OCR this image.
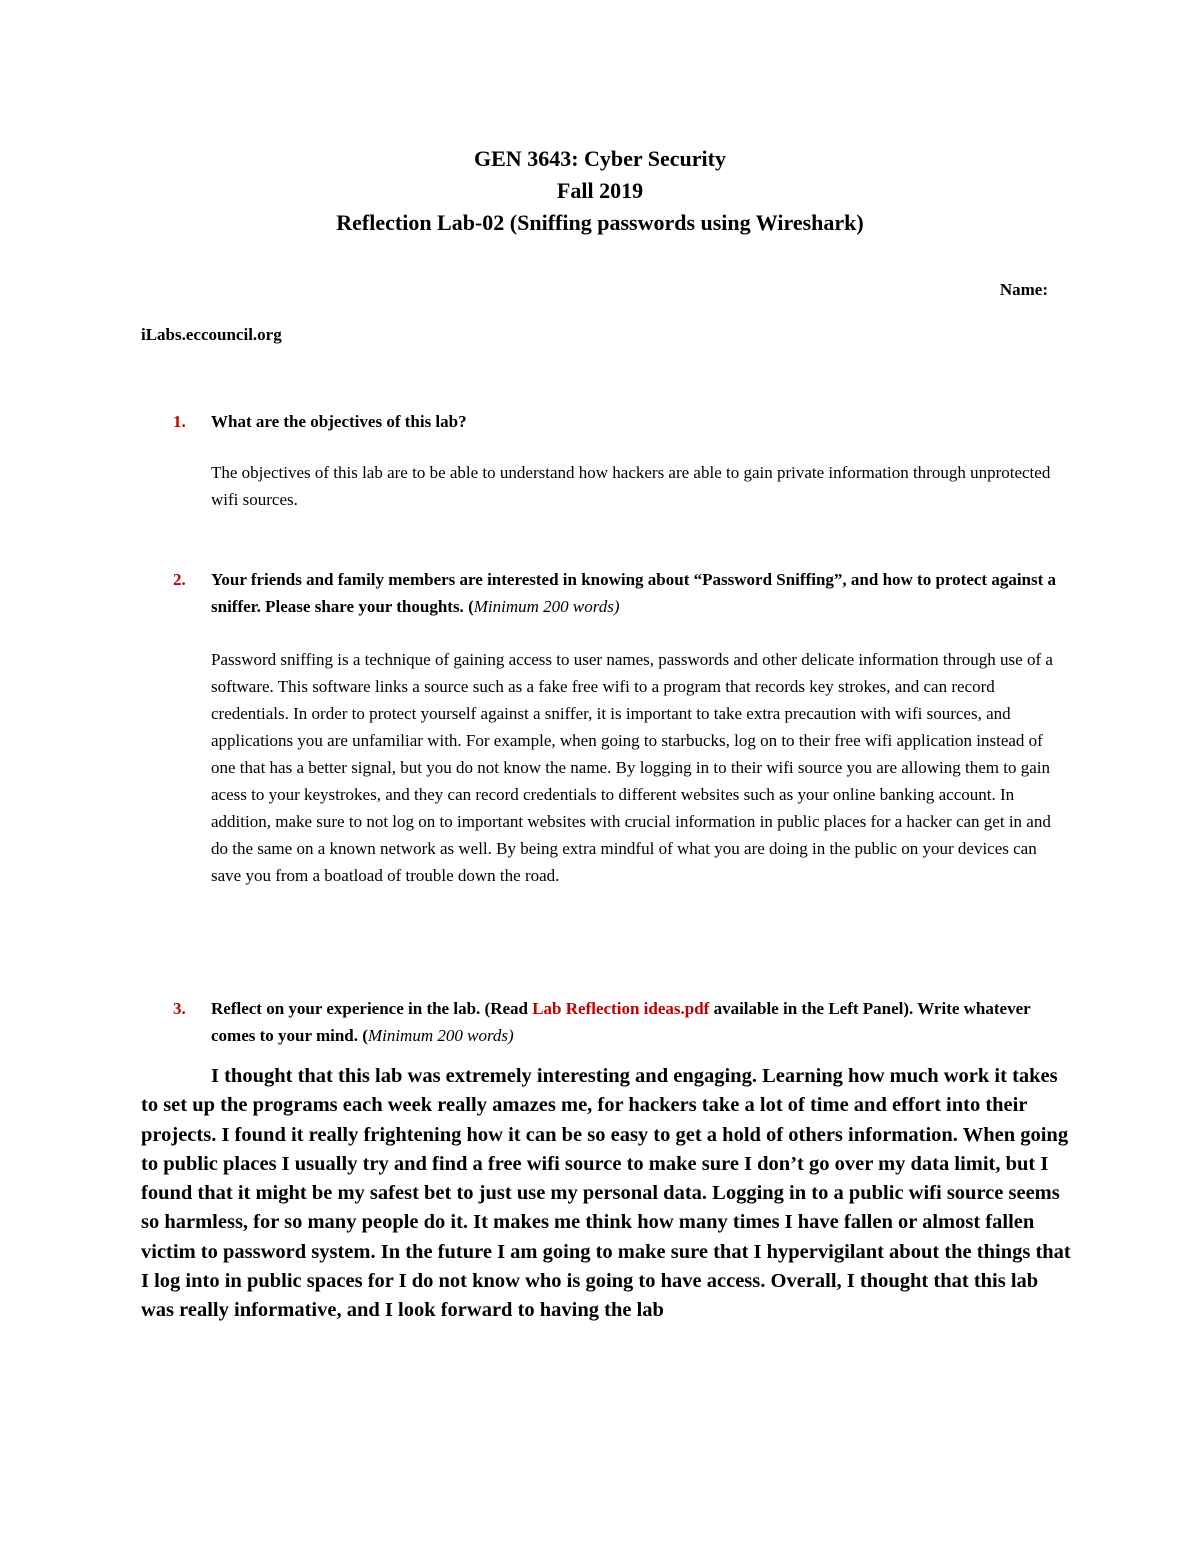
GEN 3643: Cyber Security
Fall 2019
Reflection Lab-02 (Sniffing passwords using Wireshark)
Name:
iLabs.eccouncil.org
1. What are the objectives of this lab?
The objectives of this lab are to be able to understand how hackers are able to gain private information through unprotected wifi sources.
2. Your friends and family members are interested in knowing about “Password Sniffing”, and how to protect against a sniffer. Please share your thoughts. (Minimum 200 words)
Password sniffing is a technique of gaining access to user names, passwords and other delicate information through use of a software. This software links a source such as a fake free wifi to a program that records key strokes, and can record credentials. In order to protect yourself against a sniffer, it is important to take extra precaution with wifi sources, and applications you are unfamiliar with. For example, when going to starbucks, log on to their free wifi application instead of one that has a better signal, but you do not know the name. By logging in to their wifi source you are allowing them to gain acess to your keystrokes, and they can record credentials to different websites such as your online banking account. In addition, make sure to not log on to important websites with crucial information in public places for a hacker can get in and do the same on a known network as well. By being extra mindful of what you are doing in the public on your devices can save you from a boatload of trouble down the road.
3. Reflect on your experience in the lab. (Read Lab Reflection ideas.pdf available in the Left Panel). Write whatever comes to your mind. (Minimum 200 words)
I thought that this lab was extremely interesting and engaging. Learning how much work it takes to set up the programs each week really amazes me, for hackers take a lot of time and effort into their projects. I found it really frightening how it can be so easy to get a hold of others information. When going to public places I usually try and find a free wifi source to make sure I don’t go over my data limit, but I found that it might be my safest bet to just use my personal data. Logging in to a public wifi source seems so harmless, for so many people do it. It makes me think how many times I have fallen or almost fallen victim to password system. In the future I am going to make sure that I hypervigilant about the things that I log into in public spaces for I do not know who is going to have access. Overall, I thought that this lab was really informative, and I look forward to having the lab
